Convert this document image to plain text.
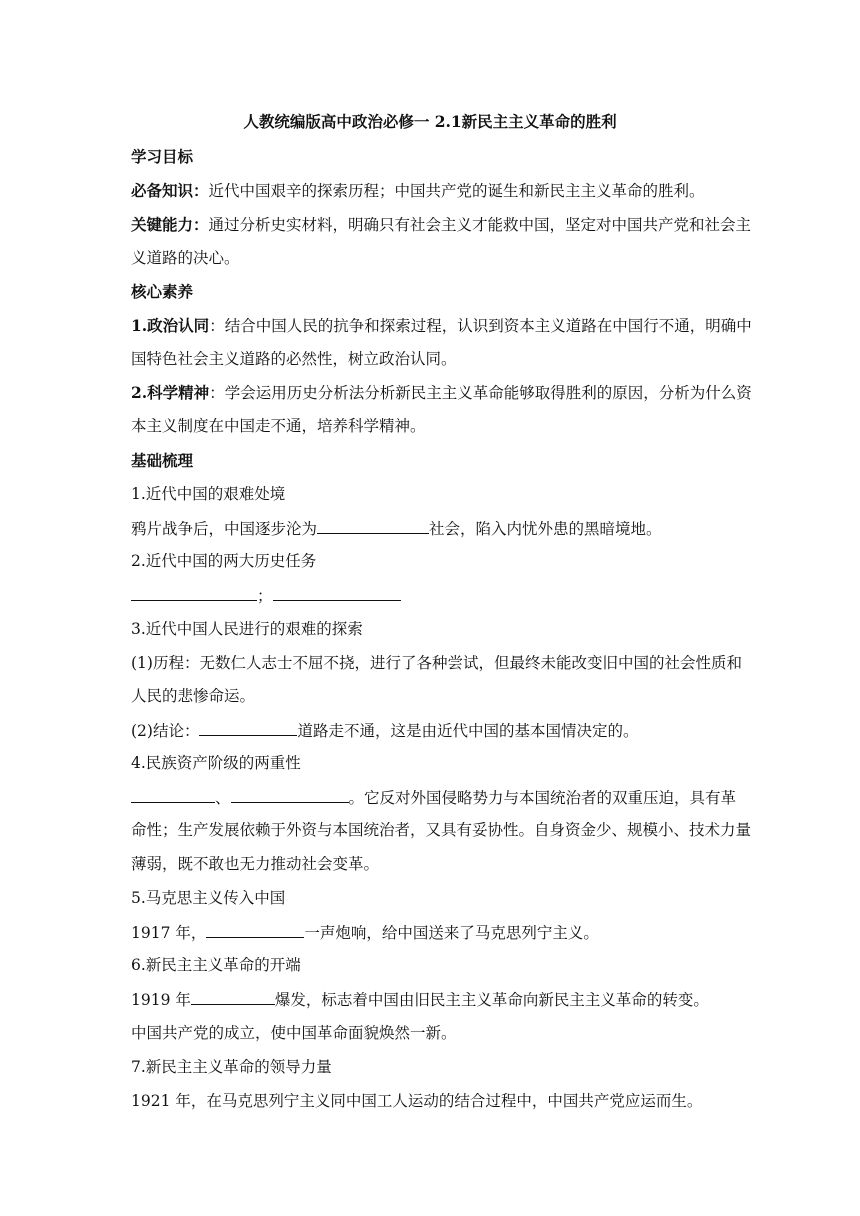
人教统编版高中政治必修一 2.1新民主主义革命的胜利
学习目标
必备知识：近代中国艰辛的探索历程；中国共产党的诞生和新民主主义革命的胜利。
关键能力：通过分析史实材料，明确只有社会主义才能救中国，坚定对中国共产党和社会主
义道路的决心。
核心素养
1.政治认同：结合中国人民的抗争和探索过程，认识到资本主义道路在中国行不通，明确中
国特色社会主义道路的必然性，树立政治认同。
2.科学精神：学会运用历史分析法分析新民主主义革命能够取得胜利的原因，分析为什么资
本主义制度在中国走不通，培养科学精神。
基础梳理
1.近代中国的艰难处境
鸦片战争后，中国逐步沦为	社会，陷入内忧外患的黑暗境地。
2.近代中国的两大历史任务
；
3.近代中国人民进行的艰难的探索
(1)历程：无数仁人志士不屈不挠，进行了各种尝试，但最终未能改变旧中国的社会性质和
人民的悲惨命运。
(2)结论：	道路走不通，这是由近代中国的基本国情决定的。
4.民族资产阶级的两重性
、	。它反对外国侵略势力与本国统治者的双重压迫，具有革
命性；生产发展依赖于外资与本国统治者，又具有妥协性。自身资金少、规模小、技术力量
薄弱，既不敢也无力推动社会变革。
5.马克思主义传入中国
1917 年，	一声炮响，给中国送来了马克思列宁主义。
6.新民主主义革命的开端
1919 年	爆发，标志着中国由旧民主主义革命向新民主主义革命的转变。
中国共产党的成立，使中国革命面貌焕然一新。
7.新民主主义革命的领导力量
1921 年，在马克思列宁主义同中国工人运动的结合过程中，中国共产党应运而生。
